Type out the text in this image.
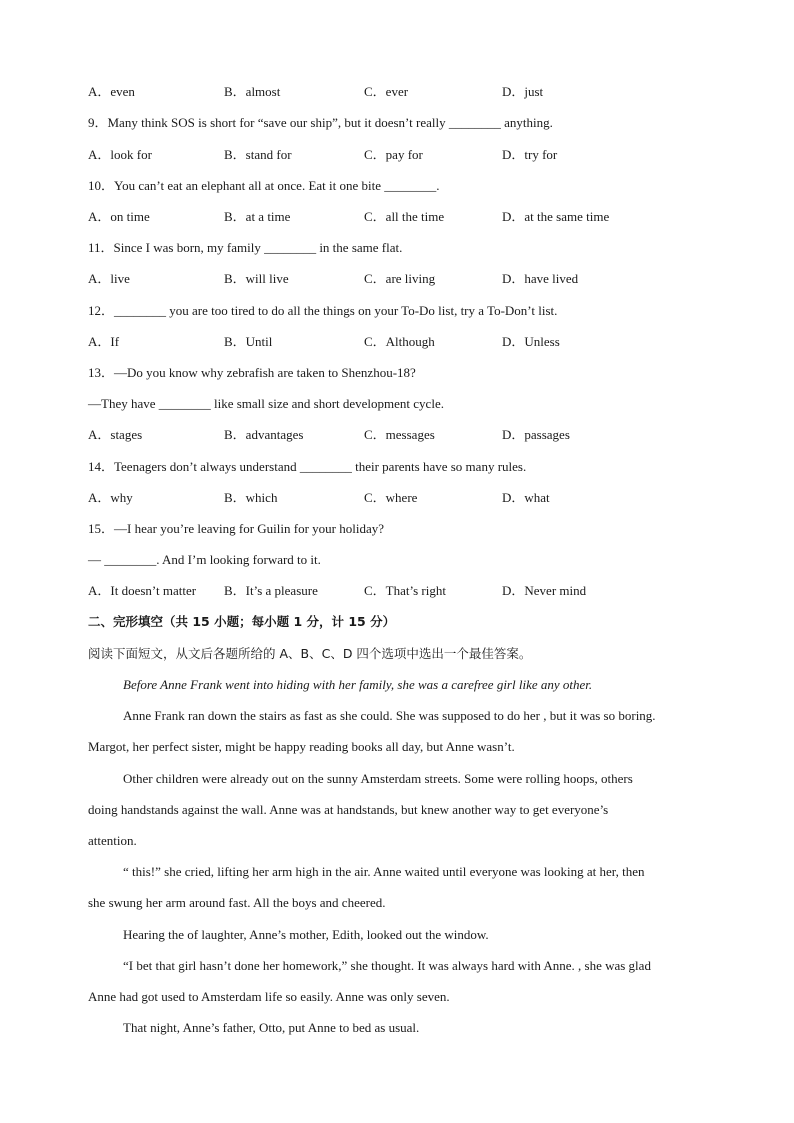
A．even	B．almost	C．ever	D．just
9．Many think SOS is short for “save our ship”, but it doesn’t really ________ anything.
A．look for	B．stand for	C．pay for	D．try for
10．You can’t eat an elephant all at once. Eat it one bite ________.
A．on time	B．at a time	C．all the time	D．at the same time
11．Since I was born, my family ________ in the same flat.
A．live	B．will live	C．are living	D．have lived
12．________ you are too tired to do all the things on your To-Do list, try a To-Don’t list.
A．If	B．Until	C．Although	D．Unless
13．—Do you know why zebrafish are taken to Shenzhou-18?
—They have ________ like small size and short development cycle.
A．stages	B．advantages	C．messages	D．passages
14．Teenagers don’t always understand ________ their parents have so many rules.
A．why	B．which	C．where	D．what
15．—I hear you’re leaving for Guilin for your holiday?
— ________. And I’m looking forward to it.
A．It doesn’t matter B．It’s a pleasure	C．That’s right	D．Never mind
二、完形填空（共 15 小题；每小题 1 分，计 15 分）
阅读下面短文，从文后各题所给的 A、B、C、D 四个选项中选出一个最佳答案。
Before Anne Frank went into hiding with her family, she was a carefree girl like any other.
Anne Frank ran down the stairs as fast as she could. She was supposed to do her , but it was so boring.
Margot, her perfect sister, might be happy reading books all day, but Anne wasn’t.
Other children were already out on the sunny Amsterdam streets. Some were rolling hoops, others
doing handstands against the wall. Anne was at handstands, but knew another way to get everyone’s
attention.
“ this!” she cried, lifting her arm high in the air. Anne waited until everyone was looking at her, then
she swung her arm around fast. All the boys and cheered.
Hearing the of laughter, Anne’s mother, Edith, looked out the window.
“I bet that girl hasn’t done her homework,” she thought. It was always hard with Anne. , she was glad
Anne had got used to Amsterdam life so easily. Anne was only seven.
That night, Anne’s father, Otto, put Anne to bed as usual.
